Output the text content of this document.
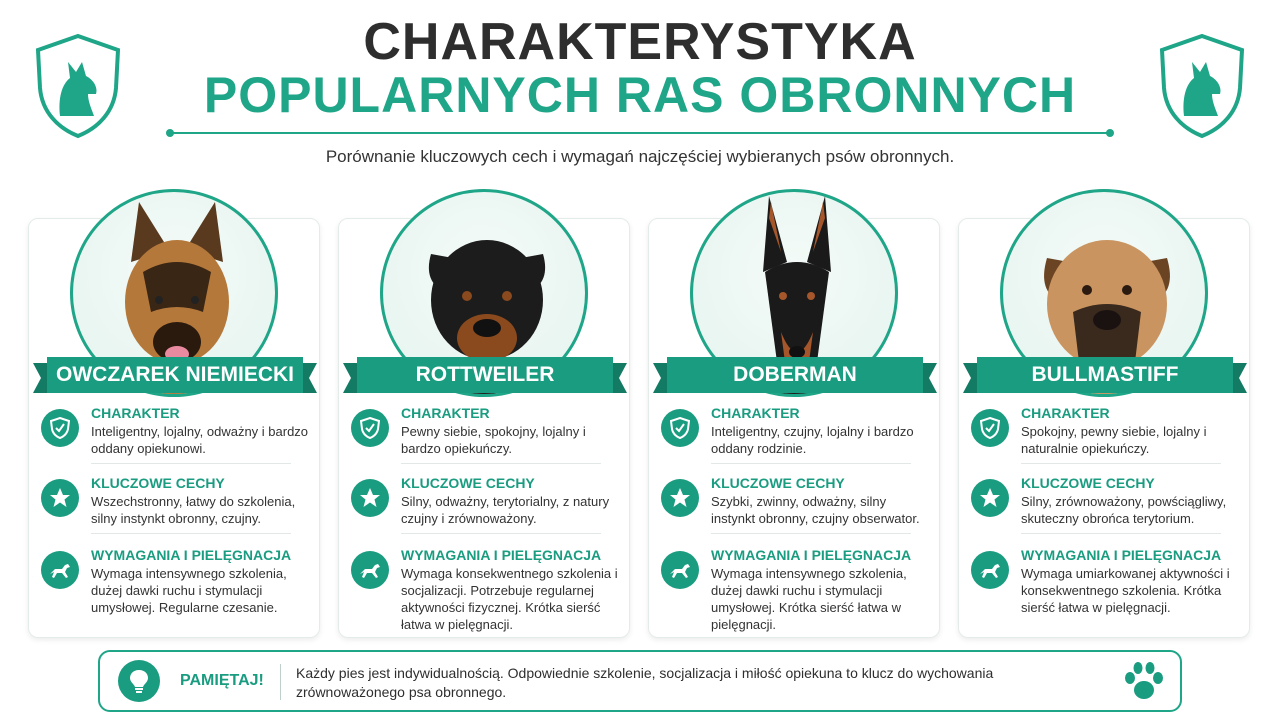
CHARAKTERYSTYKA
POPULARNYCH RAS OBRONNYCH
Porównanie kluczowych cech i wymagań najczęściej wybieranych psów obronnych.
OWCZAREK NIEMIECKI
CHARAKTER
Inteligentny, lojalny, odważny i bardzo oddany opiekunowi.
KLUCZOWE CECHY
Wszechstronny, łatwy do szkolenia, silny instynkt obronny, czujny.
WYMAGANIA I PIELĘGNACJA
Wymaga intensywnego szkolenia, dużej dawki ruchu i stymulacji umysłowej. Regularne czesanie.
ROTTWEILER
CHARAKTER
Pewny siebie, spokojny, lojalny i bardzo opiekuńczy.
KLUCZOWE CECHY
Silny, odważny, terytorialny, z natury czujny i zrównoważony.
WYMAGANIA I PIELĘGNACJA
Wymaga konsekwentnego szkolenia i socjalizacji. Potrzebuje regularnej aktywności fizycznej. Krótka sierść łatwa w pielęgnacji.
DOBERMAN
CHARAKTER
Inteligentny, czujny, lojalny i bardzo oddany rodzinie.
KLUCZOWE CECHY
Szybki, zwinny, odważny, silny instynkt obronny, czujny obserwator.
WYMAGANIA I PIELĘGNACJA
Wymaga intensywnego szkolenia, dużej dawki ruchu i stymulacji umysłowej. Krótka sierść łatwa w pielęgnacji.
BULLMASTIFF
CHARAKTER
Spokojny, pewny siebie, lojalny i naturalnie opiekuńczy.
KLUCZOWE CECHY
Silny, zrównoważony, powściągliwy, skuteczny obrońca terytorium.
WYMAGANIA I PIELĘGNACJA
Wymaga umiarkowanej aktywności i konsekwentnego szkolenia. Krótka sierść łatwa w pielęgnacji.
PAMIĘTAJ! Każdy pies jest indywidualnością. Odpowiednie szkolenie, socjalizacja i miłość opiekuna to klucz do wychowania zrównoważonego psa obronnego.
